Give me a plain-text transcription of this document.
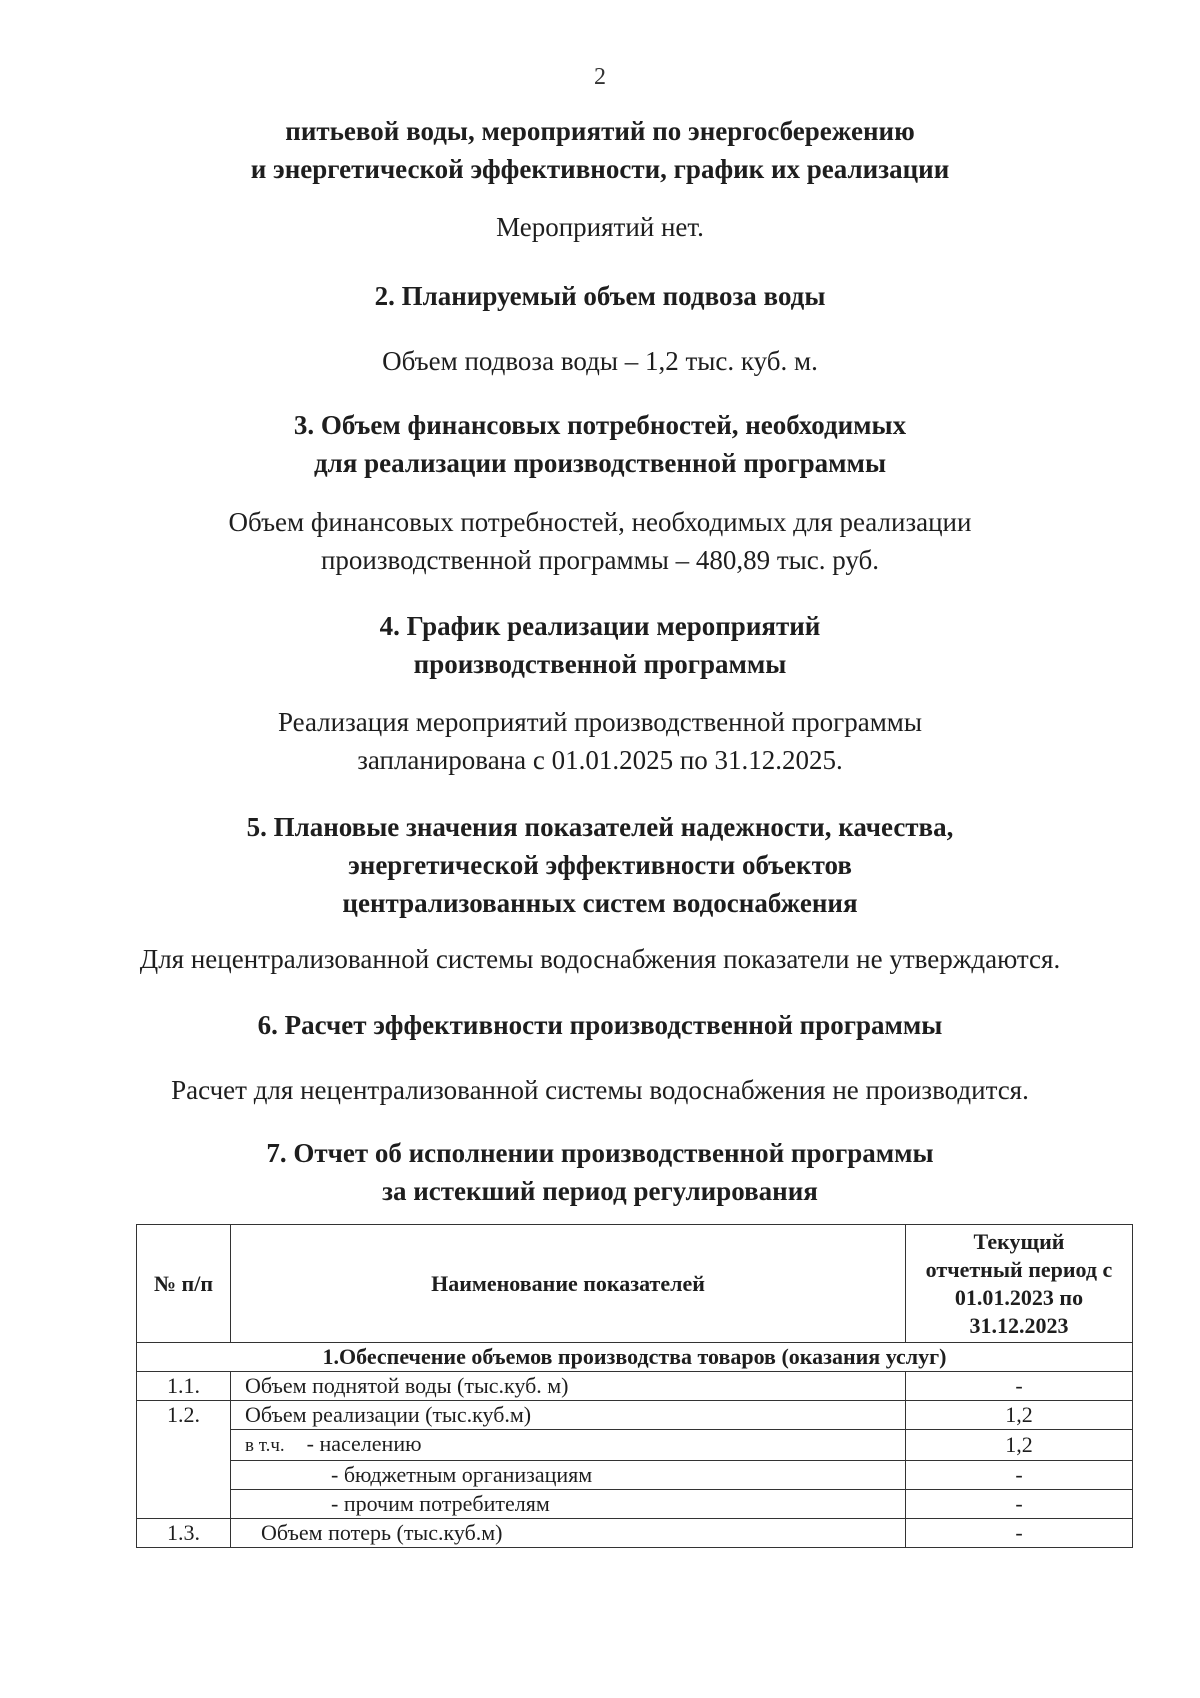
2
питьевой воды, мероприятий по энергосбережению
и энергетической эффективности, график их реализации
Мероприятий нет.
2. Планируемый объем подвоза воды
Объем подвоза воды – 1,2 тыс. куб. м.
3. Объем финансовых потребностей, необходимых
для реализации производственной программы
Объем финансовых потребностей, необходимых для реализации
производственной программы – 480,89 тыс. руб.
4. График реализации мероприятий
производственной программы
Реализация мероприятий производственной программы
запланирована с 01.01.2025 по 31.12.2025.
5. Плановые значения показателей надежности, качества,
энергетической эффективности объектов
централизованных систем водоснабжения
Для нецентрализованной системы водоснабжения показатели не утверждаются.
6. Расчет эффективности производственной программы
Расчет для нецентрализованной системы водоснабжения не производится.
7. Отчет об исполнении производственной программы
за истекший период регулирования
№ п/п	Наименование показателей	Текущий
отчетный период с
01.01.2023 по
31.12.2023

1.Обеспечение объемов производства товаров (оказания услуг)		
1.1.	Объем поднятой воды (тыс.куб. м)	-
1.2.	Объем реализации (тыс.куб.м)	1,2
	в т.ч. - населению	1,2
	- бюджетным организациям	-
	- прочим потребителям	-
1.3.	Объем потерь (тыс.куб.м)	-
